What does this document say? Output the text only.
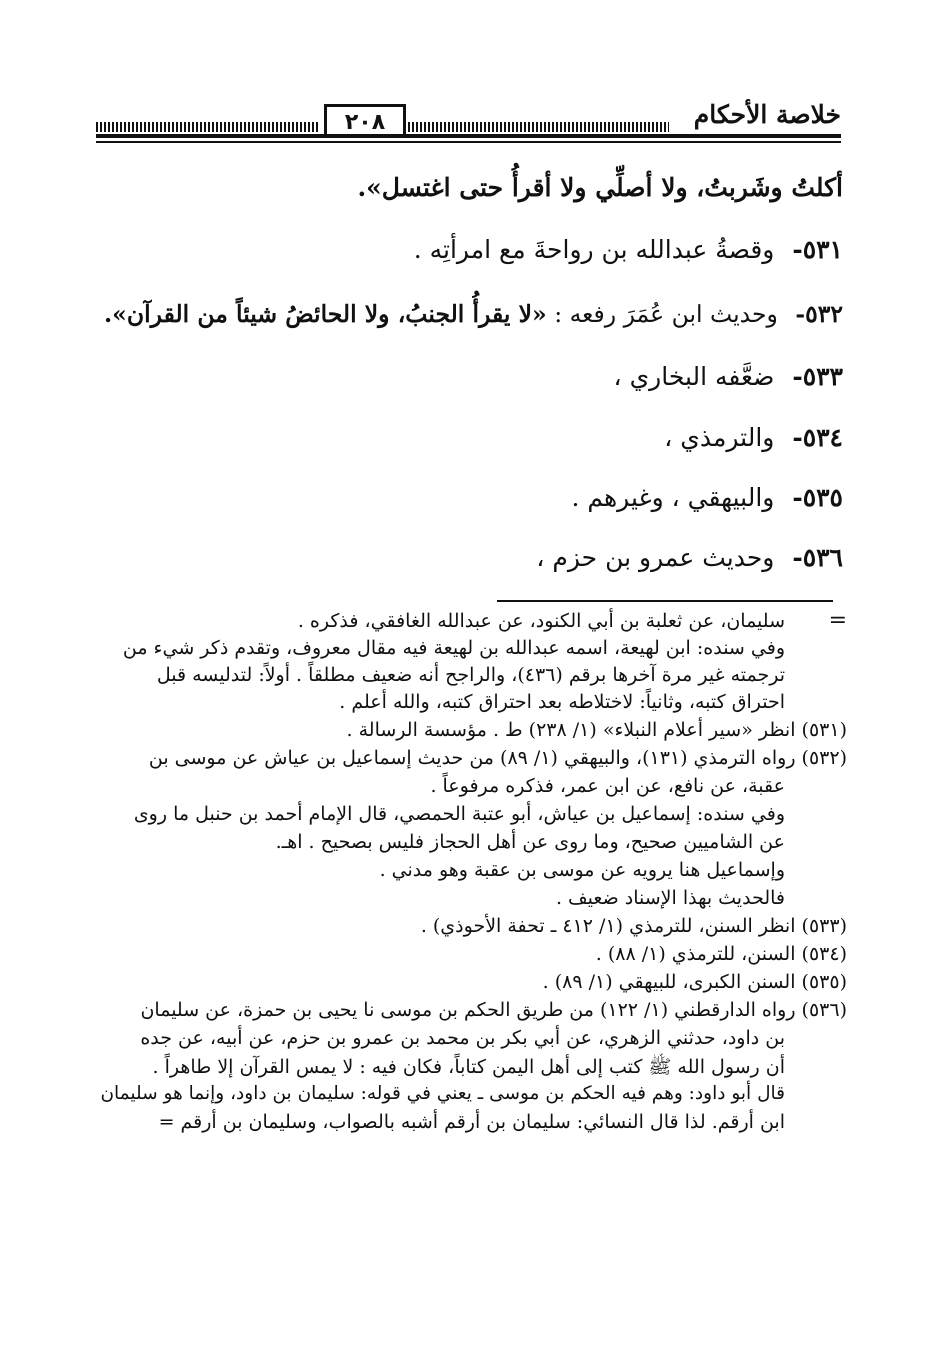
خلاصة الأحكام
٢٠٨
أكلتُ وشَربتُ، ولا أصلِّي ولا أقرأُ حتى اغتسل».
٥٣١- وقصةُ عبدالله بن رواحةَ مع امرأتِه .
٥٣٢- وحديث ابن عُمَرَ رفعه : «لا يقرأُ الجنبُ، ولا الحائضُ شيئاً من القرآن».
٥٣٣- ضعَّفه البخاري ،
٥٣٤- والترمذي ،
٥٣٥- والبيهقي ، وغيرهم .
٥٣٦- وحديث عمرو بن حزم ،
=
سليمان، عن ثعلبة بن أبي الكنود، عن عبدالله الغافقي، فذكره .
وفي سنده: ابن لهيعة، اسمه عبدالله بن لهيعة فيه مقال معروف، وتقدم ذكر شيء من
ترجمته غير مرة آخرها برقم (٤٣٦)، والراجح أنه ضعيف مطلقاً . أولاً: لتدليسه قبل
احتراق كتبه، وثانياً: لاختلاطه بعد احتراق كتبه، والله أعلم .
(٥٣١) انظر «سير أعلام النبلاء» (١/ ٢٣٨) ط . مؤسسة الرسالة .
(٥٣٢) رواه الترمذي (١٣١)، والبيهقي (١/ ٨٩) من حديث إسماعيل بن عياش عن موسى بن
عقبة، عن نافع، عن ابن عمر، فذكره مرفوعاً .
وفي سنده: إسماعيل بن عياش، أبو عتبة الحمصي، قال الإمام أحمد بن حنبل ما روى
عن الشاميين صحيح، وما روى عن أهل الحجاز فليس بصحيح . اهـ.
وإسماعيل هنا يرويه عن موسى بن عقبة وهو مدني .
فالحديث بهذا الإسناد ضعيف .
(٥٣٣) انظر السنن، للترمذي (١/ ٤١٢ ـ تحفة الأحوذي) .
(٥٣٤) السنن، للترمذي (١/ ٨٨) .
(٥٣٥) السنن الكبرى، للبيهقي (١/ ٨٩) .
(٥٣٦) رواه الدارقطني (١/ ١٢٢) من طريق الحكم بن موسى نا يحيى بن حمزة، عن سليمان
بن داود، حدثني الزهري، عن أبي بكر بن محمد بن عمرو بن حزم، عن أبيه، عن جده
أن رسول الله ﷺ كتب إلى أهل اليمن كتاباً، فكان فيه : لا يمس القرآن إلا طاهراً .
قال أبو داود: وهم فيه الحكم بن موسى ـ يعني في قوله: سليمان بن داود، وإنما هو سليمان
ابن أرقم. لذا قال النسائي: سليمان بن أرقم أشبه بالصواب، وسليمان بن أرقم =
